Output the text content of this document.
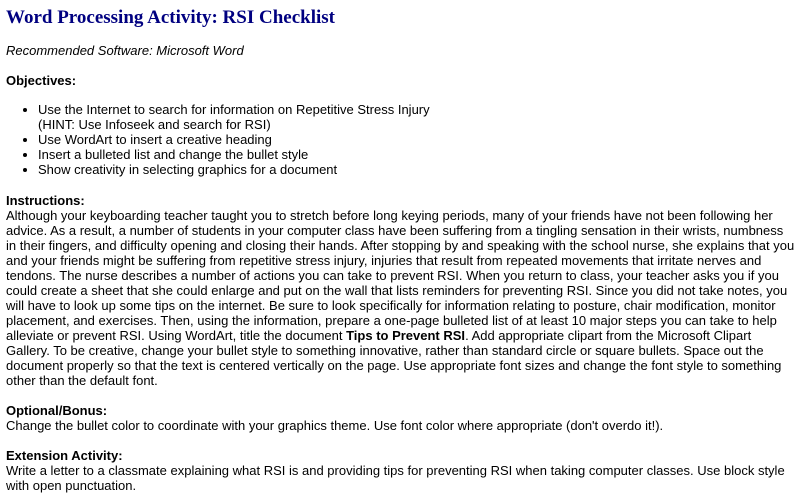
Word Processing Activity: RSI Checklist
Recommended Software: Microsoft Word
Objectives:
• Use the Internet to search for information on Repetitive Stress Injury
(HINT: Use Infoseek and search for RSI)
• Use WordArt to insert a creative heading
• Insert a bulleted list and change the bullet style
• Show creativity in selecting graphics for a document
Instructions:

Although your keyboarding teacher taught you to stretch before long keying periods, many of your friends have not been following her advice. As a result, a number of students in your computer class have been suffering from a tingling sensation in their wrists, numbness in their fingers, and difficulty opening and closing their hands. After stopping by and speaking with the school nurse, she explains that you and your friends might be suffering from repetitive stress injury, injuries that result from repeated movements that irritate nerves and tendons. The nurse describes a number of actions you can take to prevent RSI. When you return to class, your teacher asks you if you could create a sheet that she could enlarge and put on the wall that lists reminders for preventing RSI. Since you did not take notes, you will have to look up some tips on the internet. Be sure to look specifically for information relating to posture, chair modification, monitor placement, and exercises. Then, using the information, prepare a one-page bulleted list of at least 10 major steps you can take to help alleviate or prevent RSI. Using WordArt, title the document Tips to Prevent RSI. Add appropriate clipart from the Microsoft Clipart Gallery. To be creative, change your bullet style to something innovative, rather than standard circle or square bullets. Space out the document properly so that the text is centered vertically on the page. Use appropriate font sizes and change the font style to something other than the default font.

Optional/Bonus:

Change the bullet color to coordinate with your graphics theme. Use font color where appropriate (don't overdo it!).

Extension Activity:

Write a letter to a classmate explaining what RSI is and providing tips for preventing RSI when taking computer classes. Use block style with open punctuation.
